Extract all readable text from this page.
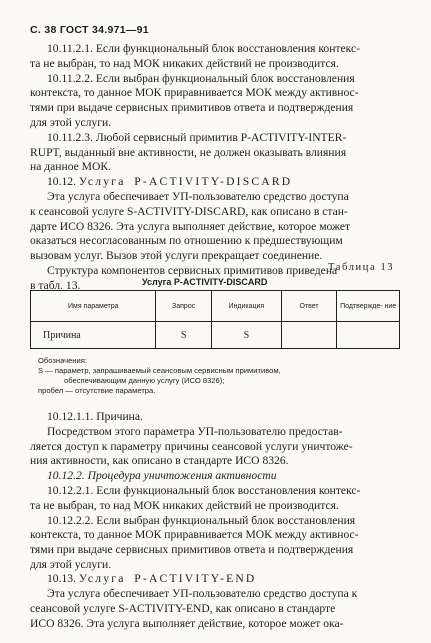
С. 38 ГОСТ 34.971—91
10.11.2.1. Если функциональный блок восстановления контекс-
та не выбран, то над МОК никаких действий не производится.
10.11.2.2. Если выбран функциональный блок восстановления
контекста, то данное МОК приравнивается МОК между активнос-
тями при выдаче сервисных примитивов ответа и подтверждения
для этой услуги.
10.11.2.3. Любой сервисный примитив P-ACTIVITY-INTER-
RUPT, выданный вне активности, не должен оказывать влияния
на данное МОК.
10.12. Услуга P-ACTIVITY-DISCARD
Эта услуга обеспечивает УП-пользователю средство доступа
к сеансовой услуге S-ACTIVITY-DISCARD, как описано в стан-
дарте ИСО 8326. Эта услуга выполняет действие, которое может
оказаться несогласованным по отношению к предшествующим
вызовам услуг. Вызов этой услуги прекращает соединение.
Структура компонентов сервисных примитивов приведена
в табл. 13.
Таблица 13
Услуга P-ACTIVITY-DISCARD
Имя параметра	Запрос	Индикация	Ответ	Подтвержде- ние
Причина	S	S		
Обозначения:
S — параметр, запрашиваемый сеансовым сервисным примитивом,
обеспечивающим данную услугу (ИСО 8326);
пробел — отсутствие параметра.
10.12.1.1. Причина.
Посредством этого параметра УП-пользователю предостав-
ляется доступ к параметру причины сеансовой услуги уничтоже-
ния активности, как описано в стандарте ИСО 8326.
10.12.2. Процедура уничтожения активности
10.12.2.1. Если функциональный блок восстановления контекс-
та не выбран, то над МОК никаких действий не производится.
10.12.2.2. Если выбран функциональный блок восстановления
контекста, то данное МОК приравнивается МОК между активнос-
тями при выдаче сервисных примитивов ответа и подтверждения
для этой услуги.
10.13. Услуга P-ACTIVITY-END
Эта услуга обеспечивает УП-пользователю средство доступа к
сеансовой услуге S-ACTIVITY-END, как описано в стандарте
ИСО 8326. Эта услуга выполняет действие, которое может ока-
